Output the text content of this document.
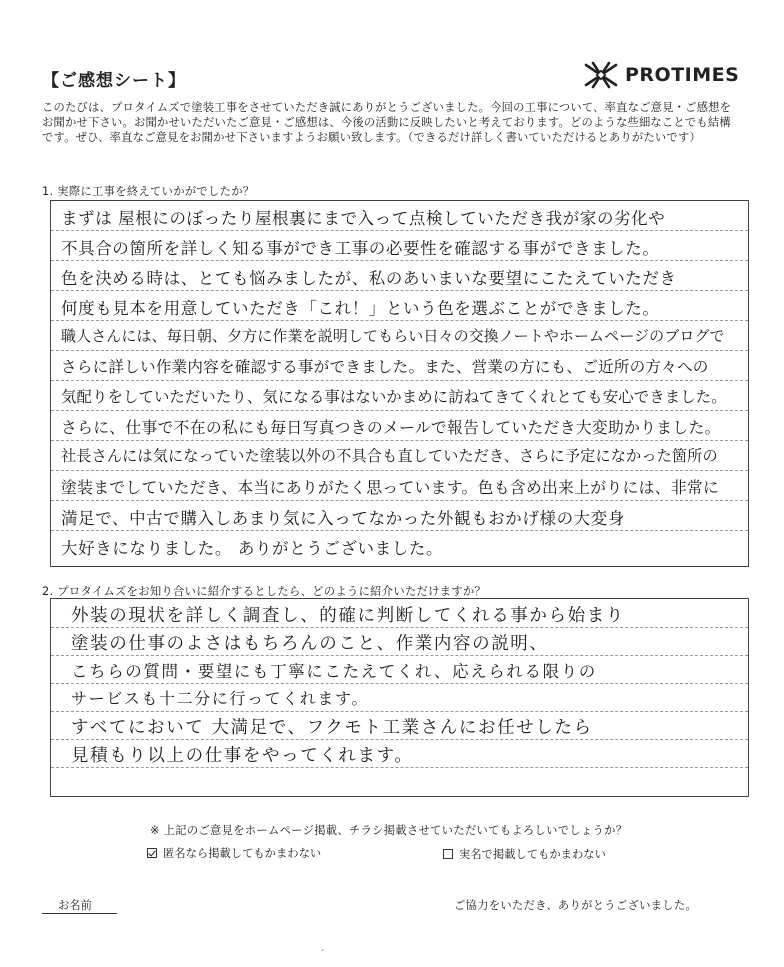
【ご感想シート】	PROTIMES
このたびは、プロタイムズで塗装工事をさせていただき誠にありがとうございました。今回の工事について、率直なご意見・ご感想をお聞かせ下さい。お聞かせいただいたご意見・ご感想は、今後の活動に反映したいと考えております。どのような些細なことでも結構です。ぜひ、率直なご意見をお聞かせ下さいますようお願い致します。（できるだけ詳しく書いていただけるとありがたいです）
1. 実際に工事を終えていかがでしたか？
まずは 屋根にのぼったり屋根裏にまで入って点検していただき我が家の劣化や
不具合の箇所を詳しく知る事ができ工事の必要性を確認する事ができました。
色を決める時は、とても悩みましたが、私のあいまいな要望にこたえていただき
何度も見本を用意していただき「これ！」という色を選ぶことができました。
職人さんには、毎日朝、夕方に作業を説明してもらい日々の交換ノートやホームページのブログで
さらに詳しい作業内容を確認する事ができました。また、営業の方にも、ご近所の方々への
気配りをしていただいたり、気になる事はないかまめに訪ねてきてくれとても安心できました。
さらに、仕事で不在の私にも毎日写真つきのメールで報告していただき大変助かりました。
社長さんには気になっていた塗装以外の不具合も直していただき、さらに予定になかった箇所の
塗装までしていただき、本当にありがたく思っています。色も含め出来上がりには、非常に
満足で、中古で購入しあまり気に入ってなかった外観もおかげ様の大変身
大好きになりました。 ありがとうございました。
2. プロタイムズをお知り合いに紹介するとしたら、どのように紹介いただけますか？
外装の現状を詳しく調査し、的確に判断してくれる事から始まり
塗装の仕事のよさはもちろんのこと、作業内容の説明、
こちらの質問・要望にも丁寧にこたえてくれ、応えられる限りの
サービスも十二分に行ってくれます。
すべてにおいて 大満足で、フクモト工業さんにお任せしたら
見積もり以上の仕事をやってくれます。
※ 上記のご意見をホームページ掲載、チラシ掲載させていただいてもよろしいでしょうか？
匿名なら掲載してもかまわない	実名で掲載してもかまわない
お名前	ご協力をいただき、ありがとうございました。
ˏ
